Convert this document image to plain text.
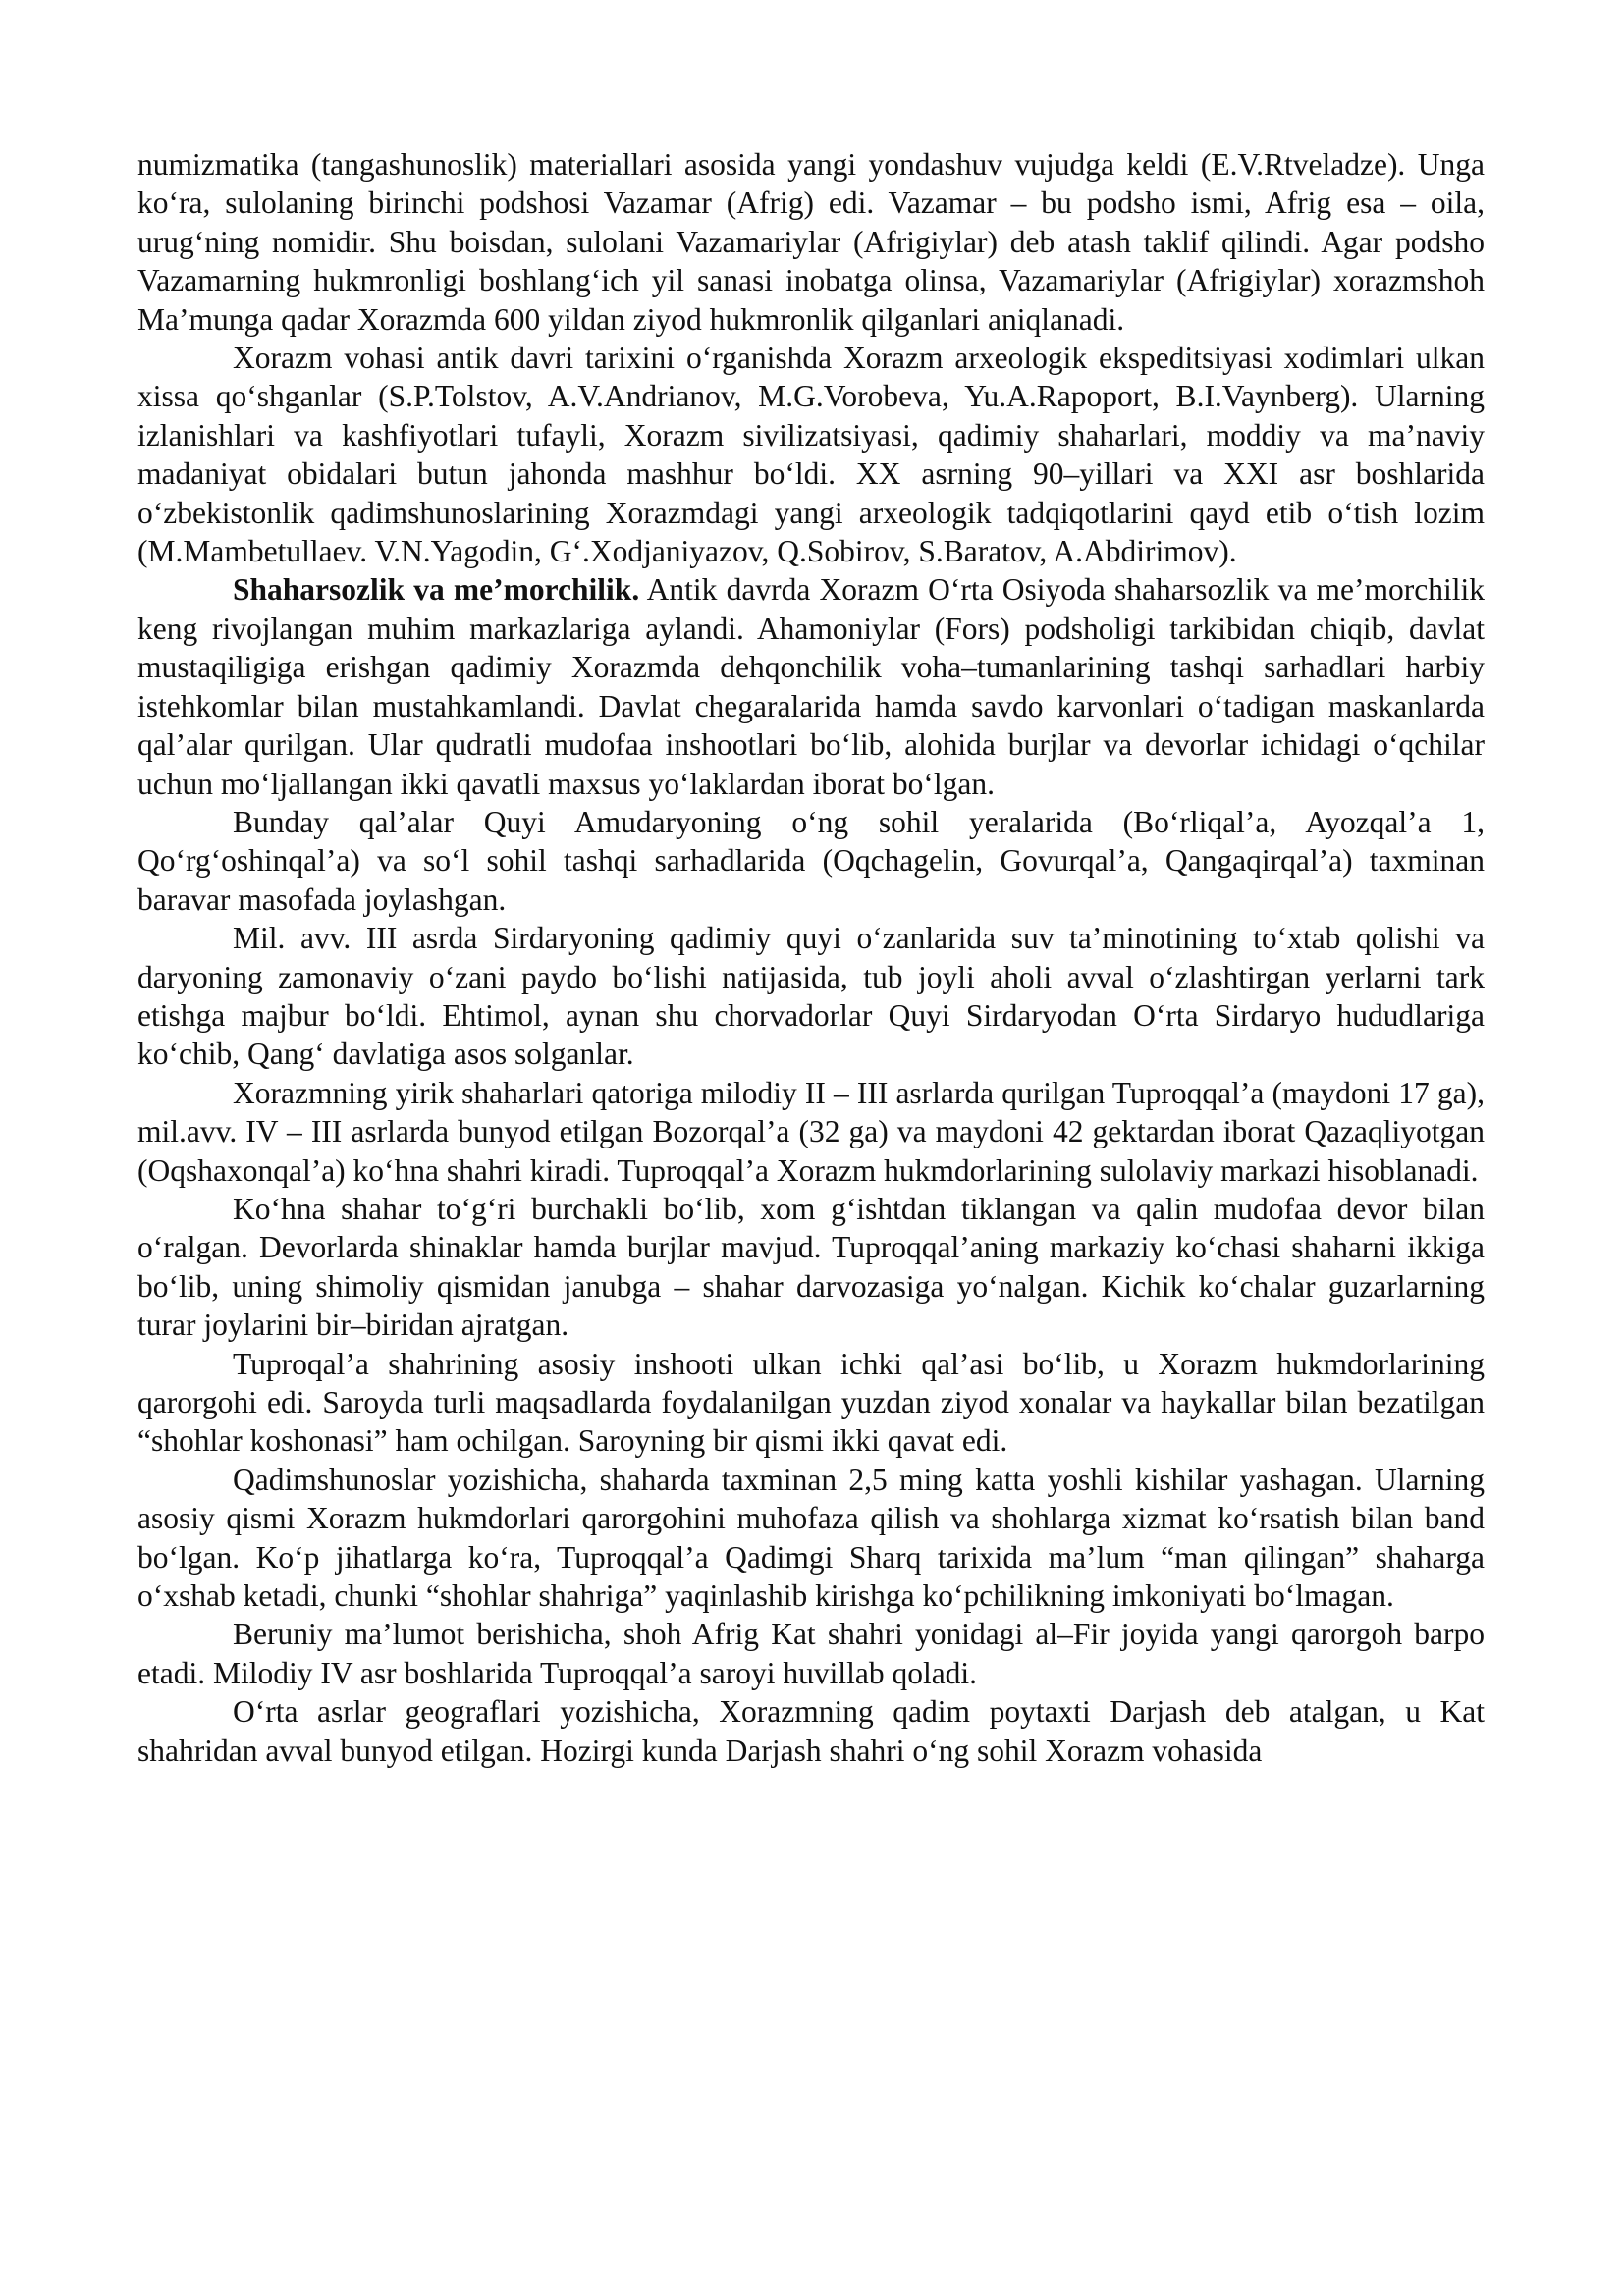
numizmatika (tangashunoslik) materiallari asosida yangi yondashuv vujudga keldi (E.V.Rtveladze). Unga ko‘ra, sulolaning birinchi podshosi Vazamar (Afrig) edi. Vazamar – bu podsho ismi, Afrig esa – oila, urug‘ning nomidir. Shu boisdan, sulolani Vazamariylar (Afrigiylar) deb atash taklif qilindi. Agar podsho Vazamarning hukmronligi boshlang‘ich yil sanasi inobatga olinsa, Vazamariylar (Afrigiylar) xorazmshoh Ma’munga qadar Xorazmda 600 yildan ziyod hukmronlik qilganlari aniqlanadi.

Xorazm vohasi antik davri tarixini o‘rganishda Xorazm arxeologik ekspeditsiyasi xodimlari ulkan xissa qo‘shganlar (S.P.Tolstov, A.V.Andrianov, M.G.Vorobeva, Yu.A.Rapoport, B.I.Vaynberg). Ularning izlanishlari va kashfiyotlari tufayli, Xorazm sivilizatsiyasi, qadimiy shaharlari, moddiy va ma’naviy madaniyat obidalari butun jahonda mashhur bo‘ldi. XX asrning 90–yillari va XXI asr boshlarida o‘zbekistonlik qadimshunoslarining Xorazmdagi yangi arxeologik tadqiqotlarini qayd etib o‘tish lozim (M.Mambetullaev. V.N.Yagodin, G‘.Xodjaniyazov, Q.Sobirov, S.Baratov, A.Abdirimov).

Shaharsozlik va me’morchilik. Antik davrda Xorazm O‘rta Osiyoda shaharsozlik va me’morchilik keng rivojlangan muhim markazlariga aylandi. Ahamoniylar (Fors) podsholigi tarkibidan chiqib, davlat mustaqiligiga erishgan qadimiy Xorazmda dehqonchilik voha–tumanlarining tashqi sarhadlari harbiy istehkomlar bilan mustahkamlandi. Davlat chegaralarida hamda savdo karvonlari o‘tadigan maskanlarda qal’alar qurilgan. Ular qudratli mudofaa inshootlari bo‘lib, alohida burjlar va devorlar ichidagi o‘qchilar uchun mo‘ljallangan ikki qavatli maxsus yo‘laklardan iborat bo‘lgan.

Bunday qal’alar Quyi Amudaryoning o‘ng sohil yeralarida (Bo‘rliqal’a, Ayozqal’a 1, Qo‘rg‘oshinqal’a) va so‘l sohil tashqi sarhadlarida (Oqchagelin, Govurqal’a, Qangaqirqal’a) taxminan baravar masofada joylashgan.

Mil. avv. III asrda Sirdaryoning qadimiy quyi o‘zanlarida suv ta’minotining to‘xtab qolishi va daryoning zamonaviy o‘zani paydo bo‘lishi natijasida, tub joyli aholi avval o‘zlashtirgan yerlarni tark etishga majbur bo‘ldi. Ehtimol, aynan shu chorvadorlar Quyi Sirdaryodan O‘rta Sirdaryo hududlariga ko‘chib, Qang‘ davlatiga asos solganlar.

Xorazmning yirik shaharlari qatoriga milodiy II – III asrlarda qurilgan Tuproqqal’a (maydoni 17 ga), mil.avv. IV – III asrlarda bunyod etilgan Bozorqal’a (32 ga) va maydoni 42 gektardan iborat Qazaqliyotgan (Oqshaxonqal’a) ko‘hna shahri kiradi. Tuproqqal’a Xorazm hukmdorlarining sulolaviy markazi hisoblanadi.

Ko‘hna shahar to‘g‘ri burchakli bo‘lib, xom g‘ishtdan tiklangan va qalin mudofaa devor bilan o‘ralgan. Devorlarda shinaklar hamda burjlar mavjud. Tuproqqal’aning markaziy ko‘chasi shaharni ikkiga bo‘lib, uning shimoliy qismidan janubga – shahar darvozasiga yo‘nalgan. Kichik ko‘chalar guzarlarning turar joylarini bir–biridan ajratgan.

Tuproqal’a shahrining asosiy inshooti ulkan ichki qal’asi bo‘lib, u Xorazm hukmdorlarining qarorgohi edi. Saroyda turli maqsadlarda foydalanilgan yuzdan ziyod xonalar va haykallar bilan bezatilgan “shohlar koshonasi” ham ochilgan. Saroyning bir qismi ikki qavat edi.

Qadimshunoslar yozishicha, shaharda taxminan 2,5 ming katta yoshli kishilar yashagan. Ularning asosiy qismi Xorazm hukmdorlari qarorgohini muhofaza qilish va shohlarga xizmat ko‘rsatish bilan band bo‘lgan. Ko‘p jihatlarga ko‘ra, Tuproqqal’a Qadimgi Sharq tarixida ma’lum “man qilingan” shaharga o‘xshab ketadi, chunki “shohlar shahriga” yaqinlashib kirishga ko‘pchilikning imkoniyati bo‘lmagan.

Beruniy ma’lumot berishicha, shoh Afrig Kat shahri yonidagi al–Fir joyida yangi qarorgoh barpo etadi. Milodiy IV asr boshlarida Tuproqqal’a saroyi huvillab qoladi.

O‘rta asrlar geograflari yozishicha, Xorazmning qadim poytaxti Darjash deb atalgan, u Kat shahridan avval bunyod etilgan. Hozirgi kunda Darjash shahri o‘ng sohil Xorazm vohasida
